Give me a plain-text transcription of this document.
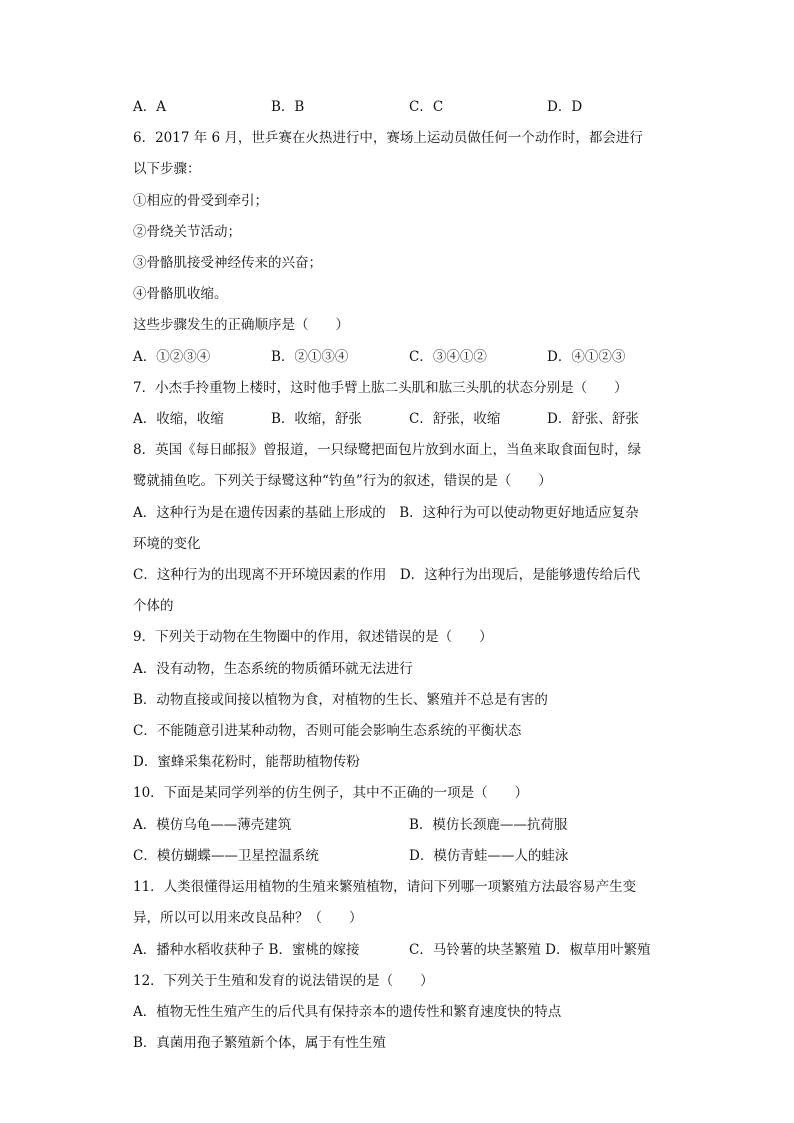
A．A	B．B	C．C	D．D
6．2017 年 6 月，世乒赛在火热进行中，赛场上运动员做任何一个动作时，都会进行
以下步骤：
①相应的骨受到牵引；
②骨绕关节活动；
③骨骼肌接受神经传来的兴奋；
④骨骼肌收缩。
这些步骤发生的正确顺序是（　　）
A．①②③④	B．②①③④	C．③④①②	D．④①②③
7．小杰手拎重物上楼时，这时他手臂上肱二头肌和肱三头肌的状态分别是（　　）
A．收缩，收缩	B．收缩，舒张	C．舒张，收缩	D．舒张、舒张
8．英国《每日邮报》曾报道，一只绿鹭把面包片放到水面上，当鱼来取食面包时，绿
鹭就捕鱼吃。下列关于绿鹭这种“钓鱼”行为的叙述，错误的是（　　）
A．这种行为是在遗传因素的基础上形成的　B．这种行为可以使动物更好地适应复杂
环境的变化
C．这种行为的出现离不开环境因素的作用　D．这种行为出现后，是能够遗传给后代
个体的
9．下列关于动物在生物圈中的作用，叙述错误的是（　　）
A．没有动物，生态系统的物质循环就无法进行
B．动物直接或间接以植物为食，对植物的生长、繁殖并不总是有害的
C．不能随意引进某种动物，否则可能会影响生态系统的平衡状态
D．蜜蜂采集花粉时，能帮助植物传粉
10．下面是某同学列举的仿生例子，其中不正确的一项是（　　）
A．模仿乌龟——薄壳建筑	B．模仿长颈鹿——抗荷服
C．模仿蝴蝶——卫星控温系统	D．模仿青蛙——人的蛙泳
11．人类很懂得运用植物的生殖来繁殖植物，请问下列哪一项繁殖方法最容易产生变
异，所以可以用来改良品种？（　　）
A．播种水稻收获种子 B．蜜桃的嫁接	C．马铃薯的块茎繁殖 D．椒草用叶繁殖
12．下列关于生殖和发育的说法错误的是（　　）
A．植物无性生殖产生的后代具有保持亲本的遗传性和繁育速度快的特点
B．真菌用孢子繁殖新个体，属于有性生殖
